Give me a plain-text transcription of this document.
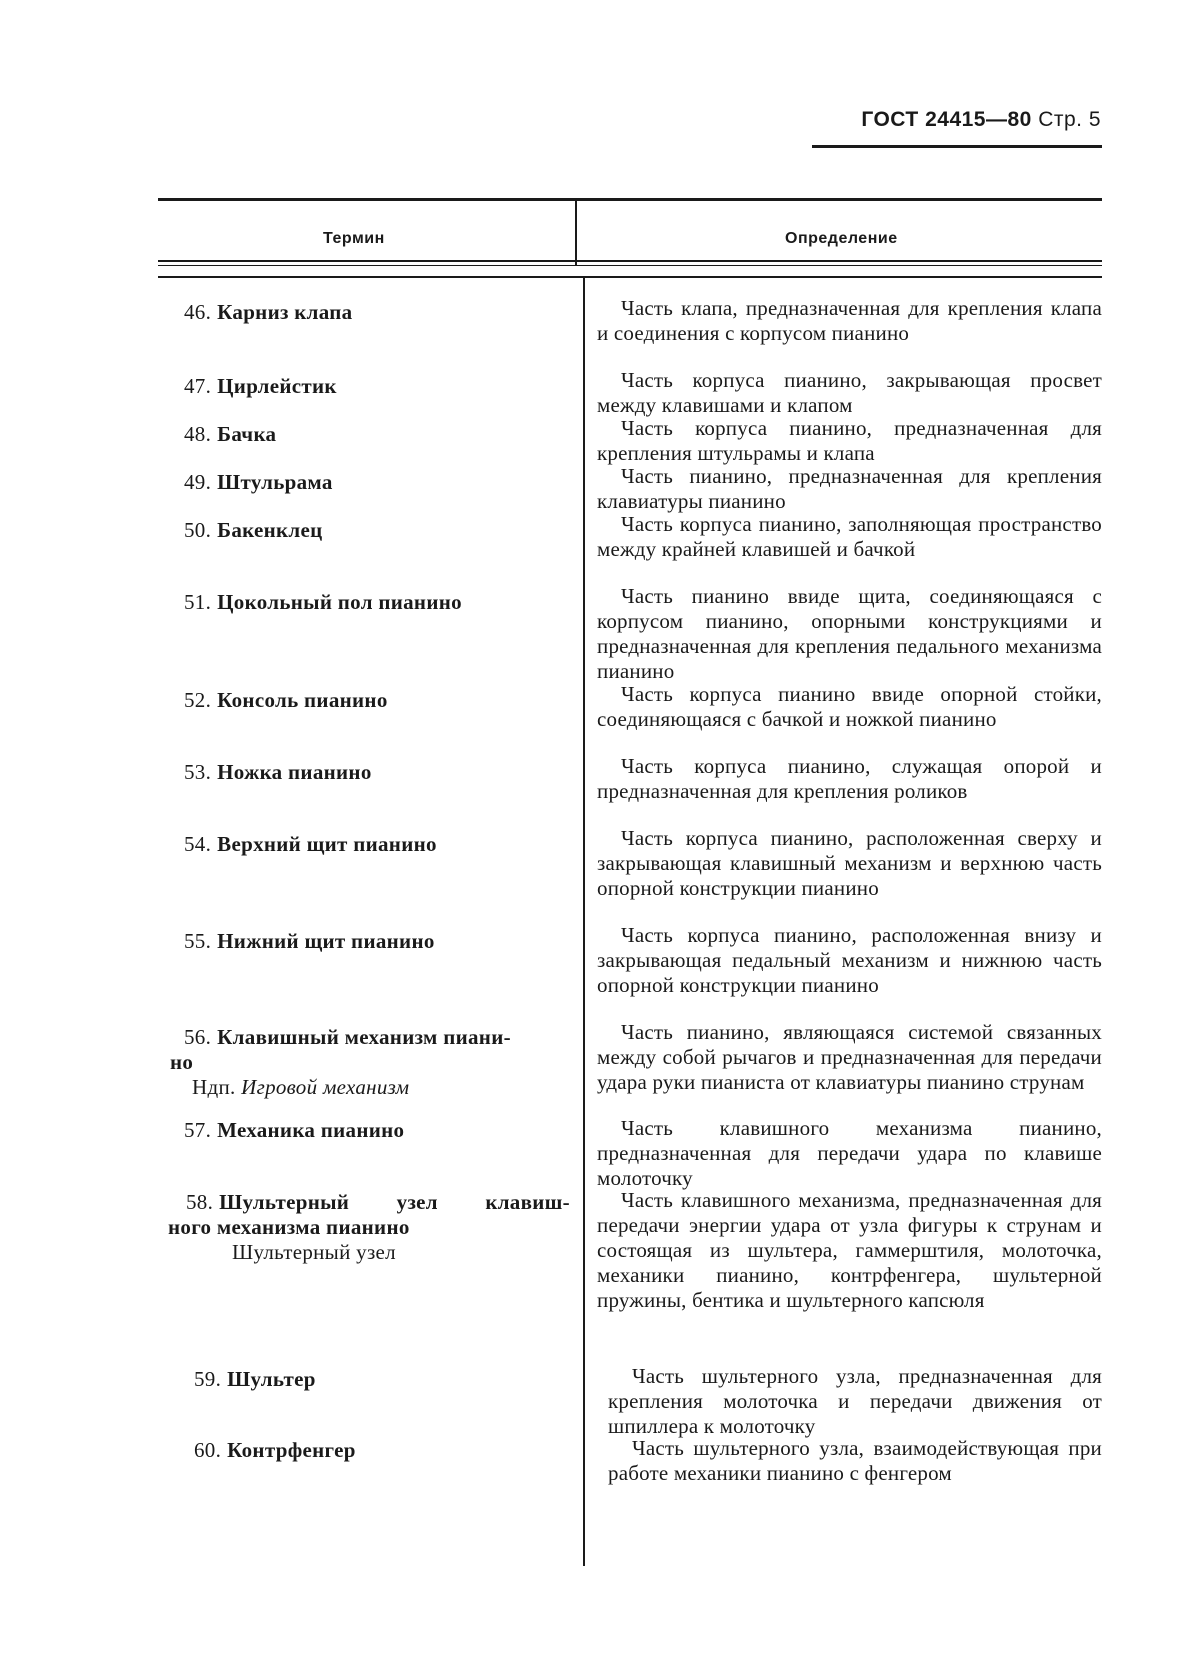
ГОСТ 24415—80 Стр. 5
Термин	Определение
46. Карниз клапа
47. Цирлейстик
48. Бачка
49. Штульрама
50. Бакенклец
51. Цокольный пол пианино
52. Консоль пианино
53. Ножка пианино
54. Верхний щит пианино
55. Нижний щит пианино
56. Клавишный механизм пиани-
но
Ндп. Игровой механизм
57. Механика пианино
58. Шультерный узел клавиш-
ного механизма пианино
Шультерный узел
59. Шультер
60. Контрфенгер
Часть клапа, предназначенная для крепления клапа и соединения с корпусом пианино
Часть корпуса пианино, закрывающая просвет между клавишами и клапом
Часть корпуса пианино, предназначенная для крепления штульрамы и клапа
Часть пианино, предназначенная для крепления клавиатуры пианино
Часть корпуса пианино, заполняющая пространство между крайней клавишей и бачкой
Часть пианино ввиде щита, соединяющаяся с корпусом пианино, опорными конструкциями и предназначенная для крепления педального механизма пианино
Часть корпуса пианино ввиде опорной стойки, соединяющаяся с бачкой и ножкой пианино
Часть корпуса пианино, служащая опорой и предназначенная для крепления роликов
Часть корпуса пианино, расположенная сверху и закрывающая клавишный механизм и верхнюю часть опорной конструкции пианино
Часть корпуса пианино, расположенная внизу и закрывающая педальный механизм и нижнюю часть опорной конструкции пианино
Часть пианино, являющаяся системой связанных между собой рычагов и предназначенная для передачи удара руки пианиста от клавиатуры пианино струнам
Часть клавишного механизма пианино, предназначенная для передачи удара по клавише молоточку
Часть клавишного механизма, предназначенная для передачи энергии удара от узла фигуры к струнам и состоящая из шультера, гаммерштиля, молоточка, механики пианино, контрфенгера, шультерной пружины, бентика и шультерного капсюля
Часть шультерного узла, предназначенная для крепления молоточка и передачи движения от шпиллера к молоточку
Часть шультерного узла, взаимодействующая при работе механики пианино с фенгером
